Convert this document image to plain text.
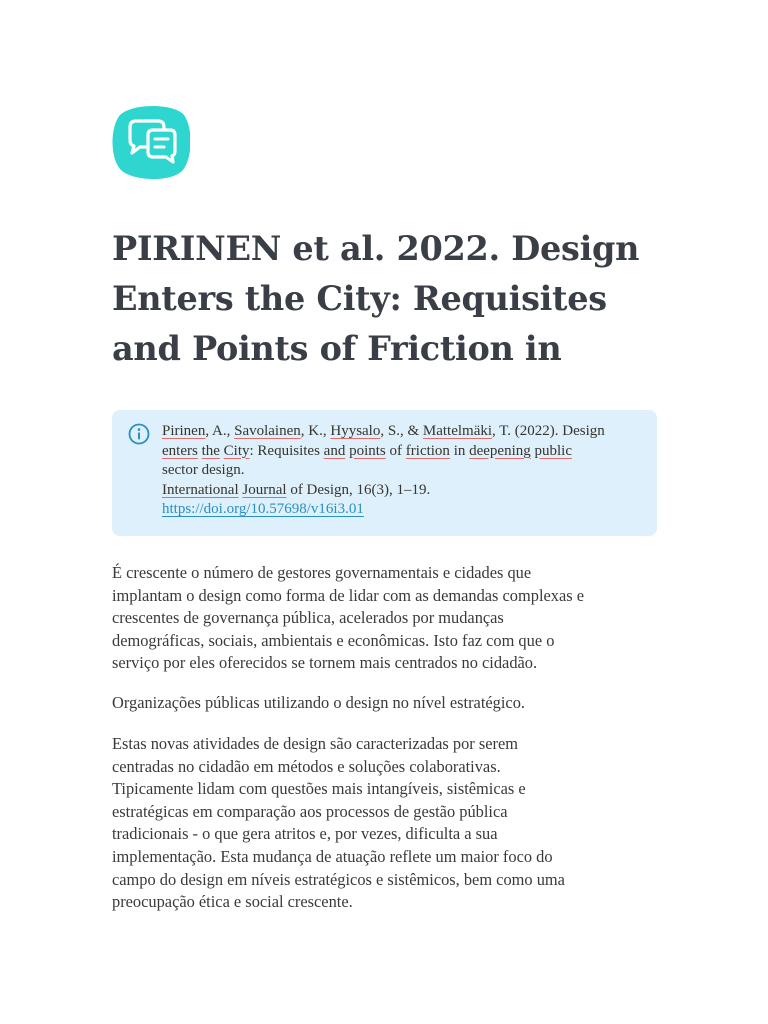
PIRINEN et al. 2022. Design
Enters the City: Requisites
and Points of Friction in
Pirinen, A., Savolainen, K., Hyysalo, S., & Mattelmäki, T. (2022). Design
enters the City: Requisites and points of friction in deepening public
sector design.
International Journal of Design, 16(3), 1–19.
https://doi.org/10.57698/v16i3.01
É crescente o número de gestores governamentais e cidades que
implantam o design como forma de lidar com as demandas complexas e
crescentes de governança pública, acelerados por mudanças
demográficas, sociais, ambientais e econômicas. Isto faz com que o
serviço por eles oferecidos se tornem mais centrados no cidadão.
Organizações públicas utilizando o design no nível estratégico.
Estas novas atividades de design são caracterizadas por serem
centradas no cidadão em métodos e soluções colaborativas.
Tipicamente lidam com questões mais intangíveis, sistêmicas e
estratégicas em comparação aos processos de gestão pública
tradicionais - o que gera atritos e, por vezes, dificulta a sua
implementação. Esta mudança de atuação reflete um maior foco do
campo do design em níveis estratégicos e sistêmicos, bem como uma
preocupação ética e social crescente.
